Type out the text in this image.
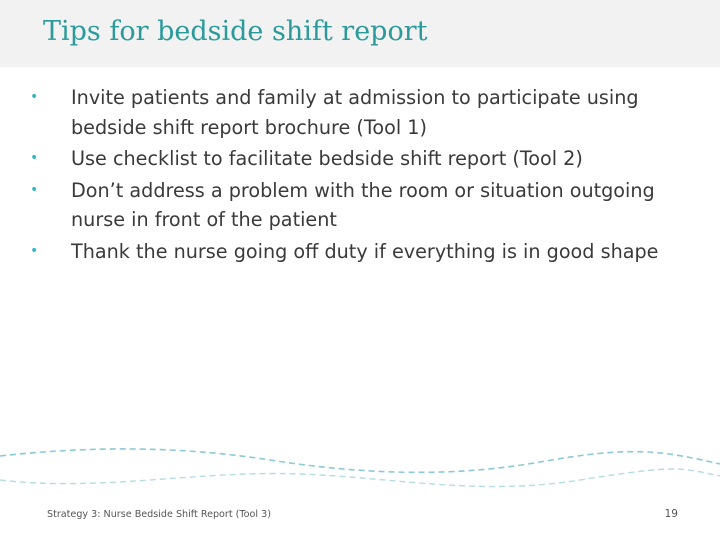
Tips for bedside shift report
• Invite patients and family at admission to participate using bedside shift report brochure (Tool 1)
• Use checklist to facilitate bedside shift report (Tool 2)
• Don’t address a problem with the room or situation outgoing nurse in front of the patient
• Thank the nurse going off duty if everything is in good shape
Strategy 3: Nurse Bedside Shift Report (Tool 3)	19
